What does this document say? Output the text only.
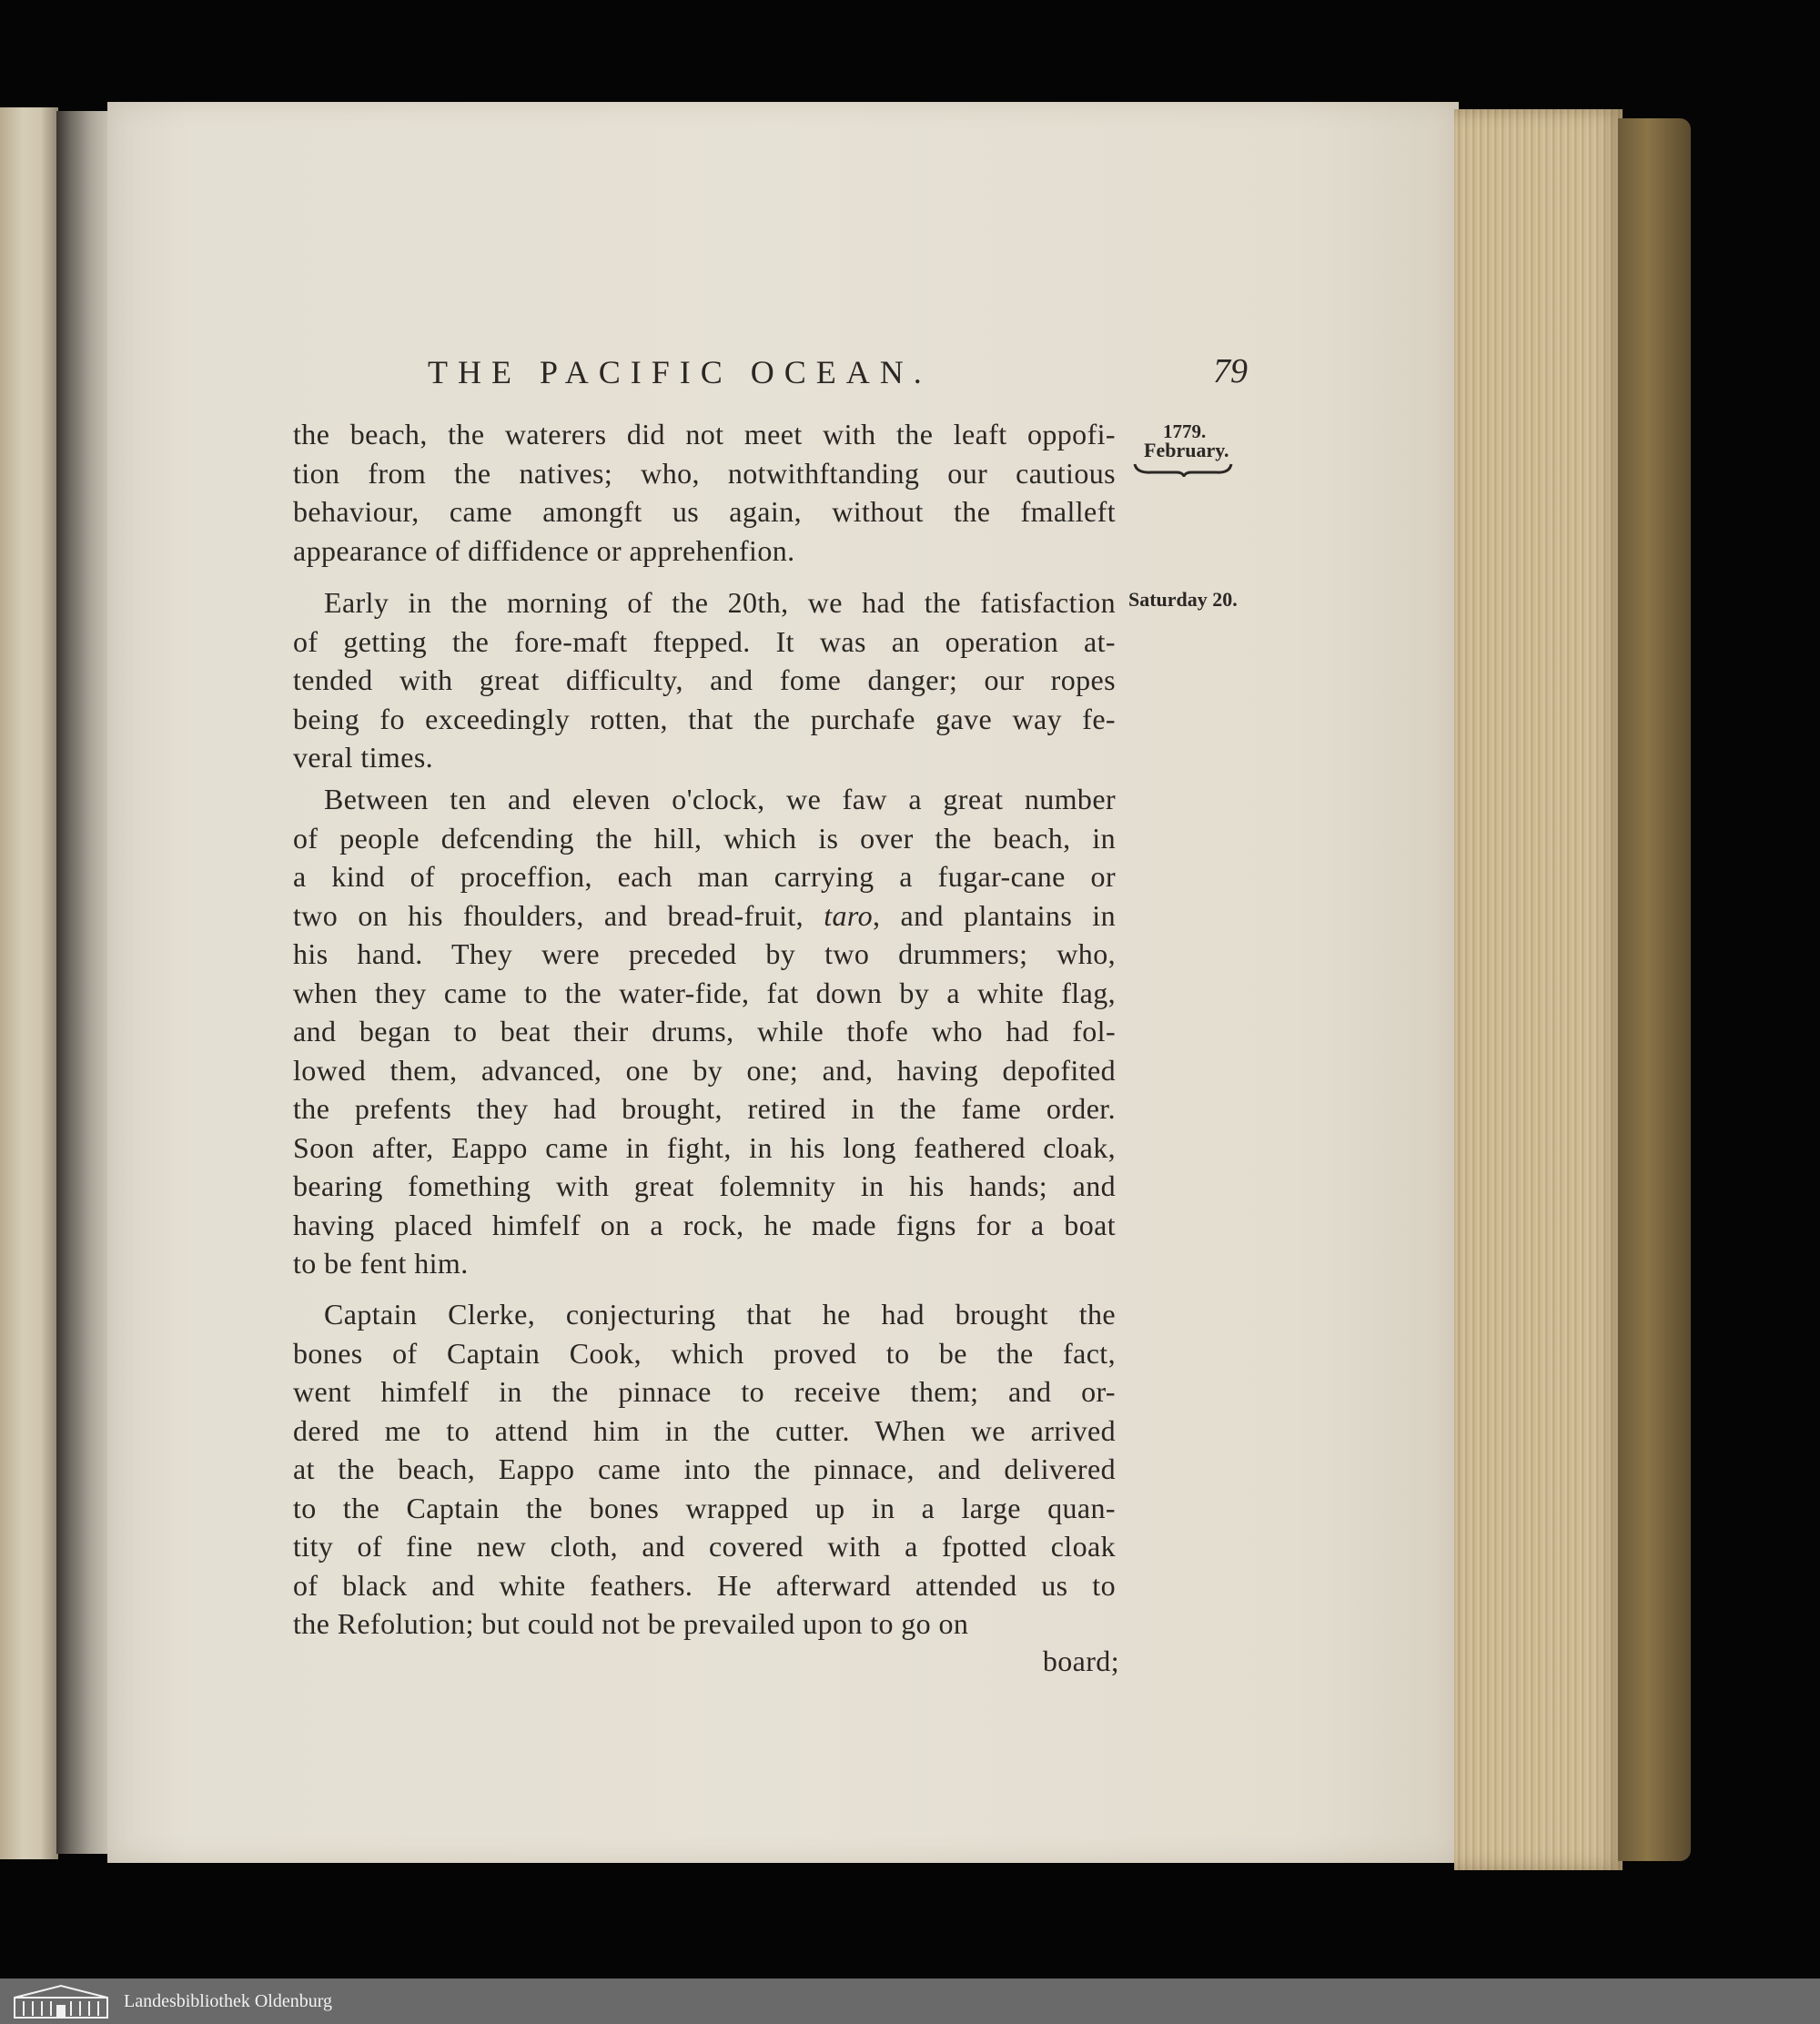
THE PACIFIC OCEAN.	79
1779.
February.
Saturday 20.

board;

the beach, the waterers did not meet with the leaft oppofi-

tion from the natives; who, notwithftanding our cautious

behaviour, came amongft us again, without the fmalleft

appearance of diffidence or apprehenfion.

Early in the morning of the 20th, we had the fatisfaction

of getting the fore-maft ftepped. It was an operation at-

tended with great difficulty, and fome danger; our ropes

being fo exceedingly rotten, that the purchafe gave way fe-

veral times.

Between ten and eleven o'clock, we faw a great number

of people defcending the hill, which is over the beach, in

a kind of proceffion, each man carrying a fugar-cane or

two on his fhoulders, and bread-fruit, taro, and plantains in

his hand. They were preceded by two drummers; who,

when they came to the water-fide, fat down by a white flag,

and began to beat their drums, while thofe who had fol-

lowed them, advanced, one by one; and, having depofited

the prefents they had brought, retired in the fame order.

Soon after, Eappo came in fight, in his long feathered cloak,

bearing fomething with great folemnity in his hands; and

having placed himfelf on a rock, he made figns for a boat

to be fent him.

Captain Clerke, conjecturing that he had brought the

bones of Captain Cook, which proved to be the fact,

went himfelf in the pinnace to receive them; and or-

dered me to attend him in the cutter. When we arrived

at the beach, Eappo came into the pinnace, and delivered

to the Captain the bones wrapped up in a large quan-

tity of fine new cloth, and covered with a fpotted cloak

of black and white feathers. He afterward attended us to

the Refolution; but could not be prevailed upon to go on

Landesbibliothek Oldenburg
